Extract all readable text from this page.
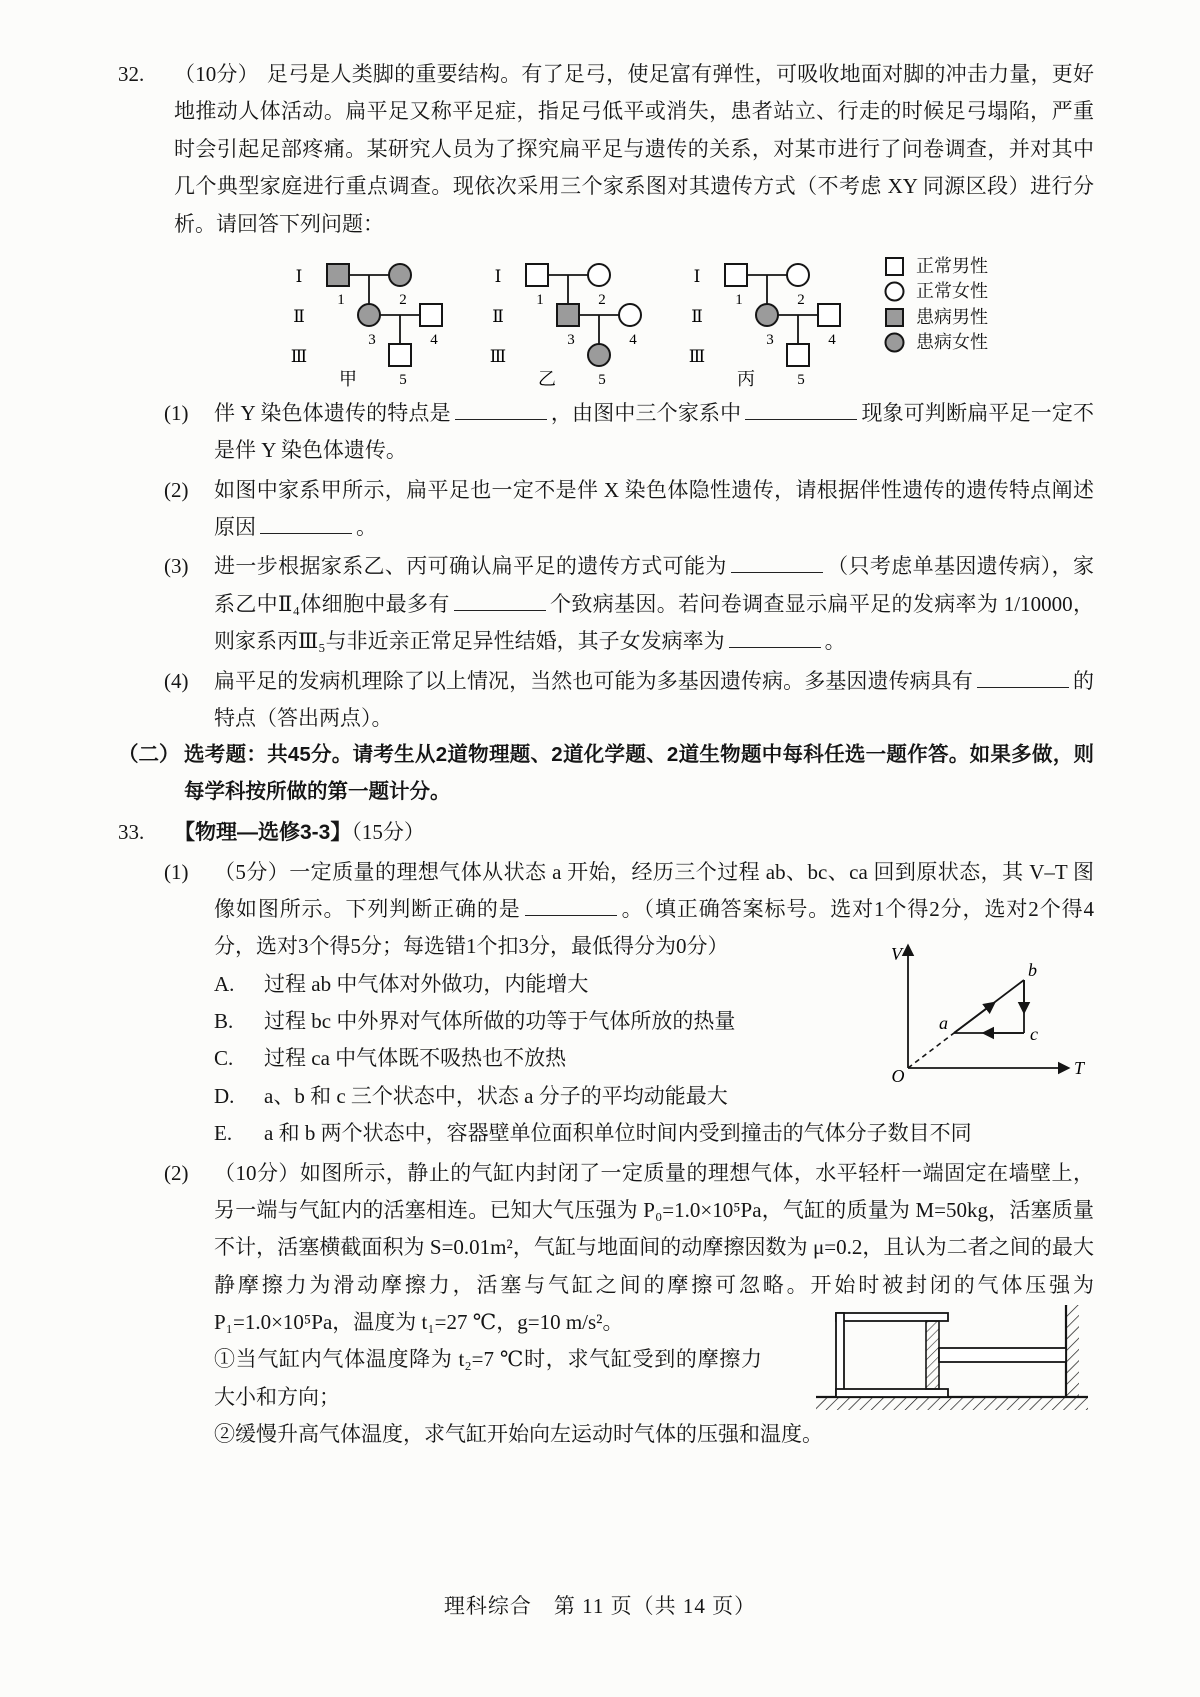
32. （10分） 足弓是人类脚的重要结构。有了足弓，使足富有弹性，可吸收地面对脚的冲击力量，更好地推动人体活动。扁平足又称平足症，指足弓低平或消失，患者站立、行走的时候足弓塌陷，严重时会引起足部疼痛。某研究人员为了探究扁平足与遗传的关系，对某市进行了问卷调查，并对其中几个典型家庭进行重点调查。现依次采用三个家系图对其遗传方式（不考虑 XY 同源区段）进行分析。请回答下列问题：
Ⅰ
Ⅱ
Ⅲ
1	2
3	4
5
甲
Ⅰ
Ⅱ
Ⅲ
1	2
3	4
5
乙
Ⅰ
Ⅱ
Ⅲ
1	2
3	4
5
丙
正常男性
正常女性
患病男性
患病女性
(1) 伴 Y 染色体遗传的特点是	，由图中三个家系中	现象可判断扁平足一定不是伴 Y 染色体遗传。
(2) 如图中家系甲所示，扁平足也一定不是伴 X 染色体隐性遗传，请根据伴性遗传的遗传特点阐述原因	。
(3) 进一步根据家系乙、丙可确认扁平足的遗传方式可能为	（只考虑单基因遗传病），家系乙中Ⅱ₄体细胞中最多有	个致病基因。若问卷调查显示扁平足的发病率为 1/10000，则家系丙Ⅲ₅与非近亲正常足异性结婚，其子女发病率为	。
(4) 扁平足的发病机理除了以上情况，当然也可能为多基因遗传病。多基因遗传病具有	的特点（答出两点）。
（二） 选考题：共45分。请考生从2道物理题、2道化学题、2道生物题中每科任选一题作答。如果多做，则每学科按所做的第一题计分。
33. 【物理—选修3-3】（15分）
(1) （5分）一定质量的理想气体从状态 a 开始，经历三个过程 ab、bc、ca 回到原状态，其 V–T 图像如图所示。下列判断正确的是	。（填正确答案标号。选对1个得2分，选对2个得4分，选对3个得5分；每选错1个扣3分，最低得分为0分）
A. 过程 ab 中气体对外做功，内能增大
B. 过程 bc 中外界对气体所做的功等于气体所放的热量
C. 过程 ca 中气体既不吸热也不放热
D. a、b 和 c 三个状态中，状态 a 分子的平均动能最大
E. a 和 b 两个状态中，容器壁单位面积单位时间内受到撞击的气体分子数目不同
V
T
O
a
b
c
(2) （10分）如图所示，静止的气缸内封闭了一定质量的理想气体，水平轻杆一端固定在墙壁上，另一端与气缸内的活塞相连。已知大气压强为 P₀=1.0×10⁵Pa，气缸的质量为 M=50kg，活塞质量不计，活塞横截面积为 S=0.01m²，气缸与地面间的动摩擦因数为 μ=0.2，且认为二者之间的最大静摩擦力为滑动摩擦力，活塞与气缸之间的摩擦可忽略。开始时被封闭的气体压强为 P₁=1.0×10⁵Pa，温度为 t₁=27 ℃，g=10 m/s²。
①当气缸内气体温度降为 t₂=7 ℃时，求气缸受到的摩擦力大小和方向；
②缓慢升高气体温度，求气缸开始向左运动时气体的压强和温度。
理科综合　第 11 页（共 14 页）
